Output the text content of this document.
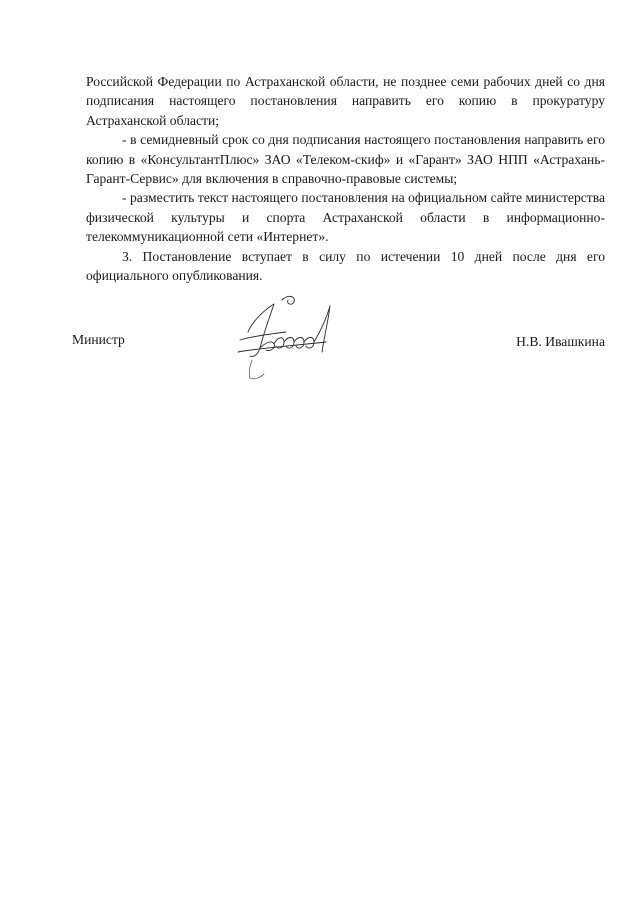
Российской Федерации по Астраханской области, не позднее семи рабочих дней со дня подписания настоящего постановления направить его копию в прокуратуру Астраханской области;

- в семидневный срок со дня подписания настоящего постановления направить его копию в «КонсультантПлюс» ЗАО «Телеком-скиф» и «Гарант» ЗАО НПП «Астрахань-Гарант-Сервис» для включения в справочно-правовые системы;

- разместить текст настоящего постановления на официальном сайте министерства физической культуры и спорта Астраханской области в информационно-телекоммуникационной сети «Интернет».

3. Постановление вступает в силу по истечении 10 дней после дня его официального опубликования.

Министр	Н.В. Ивашкина
